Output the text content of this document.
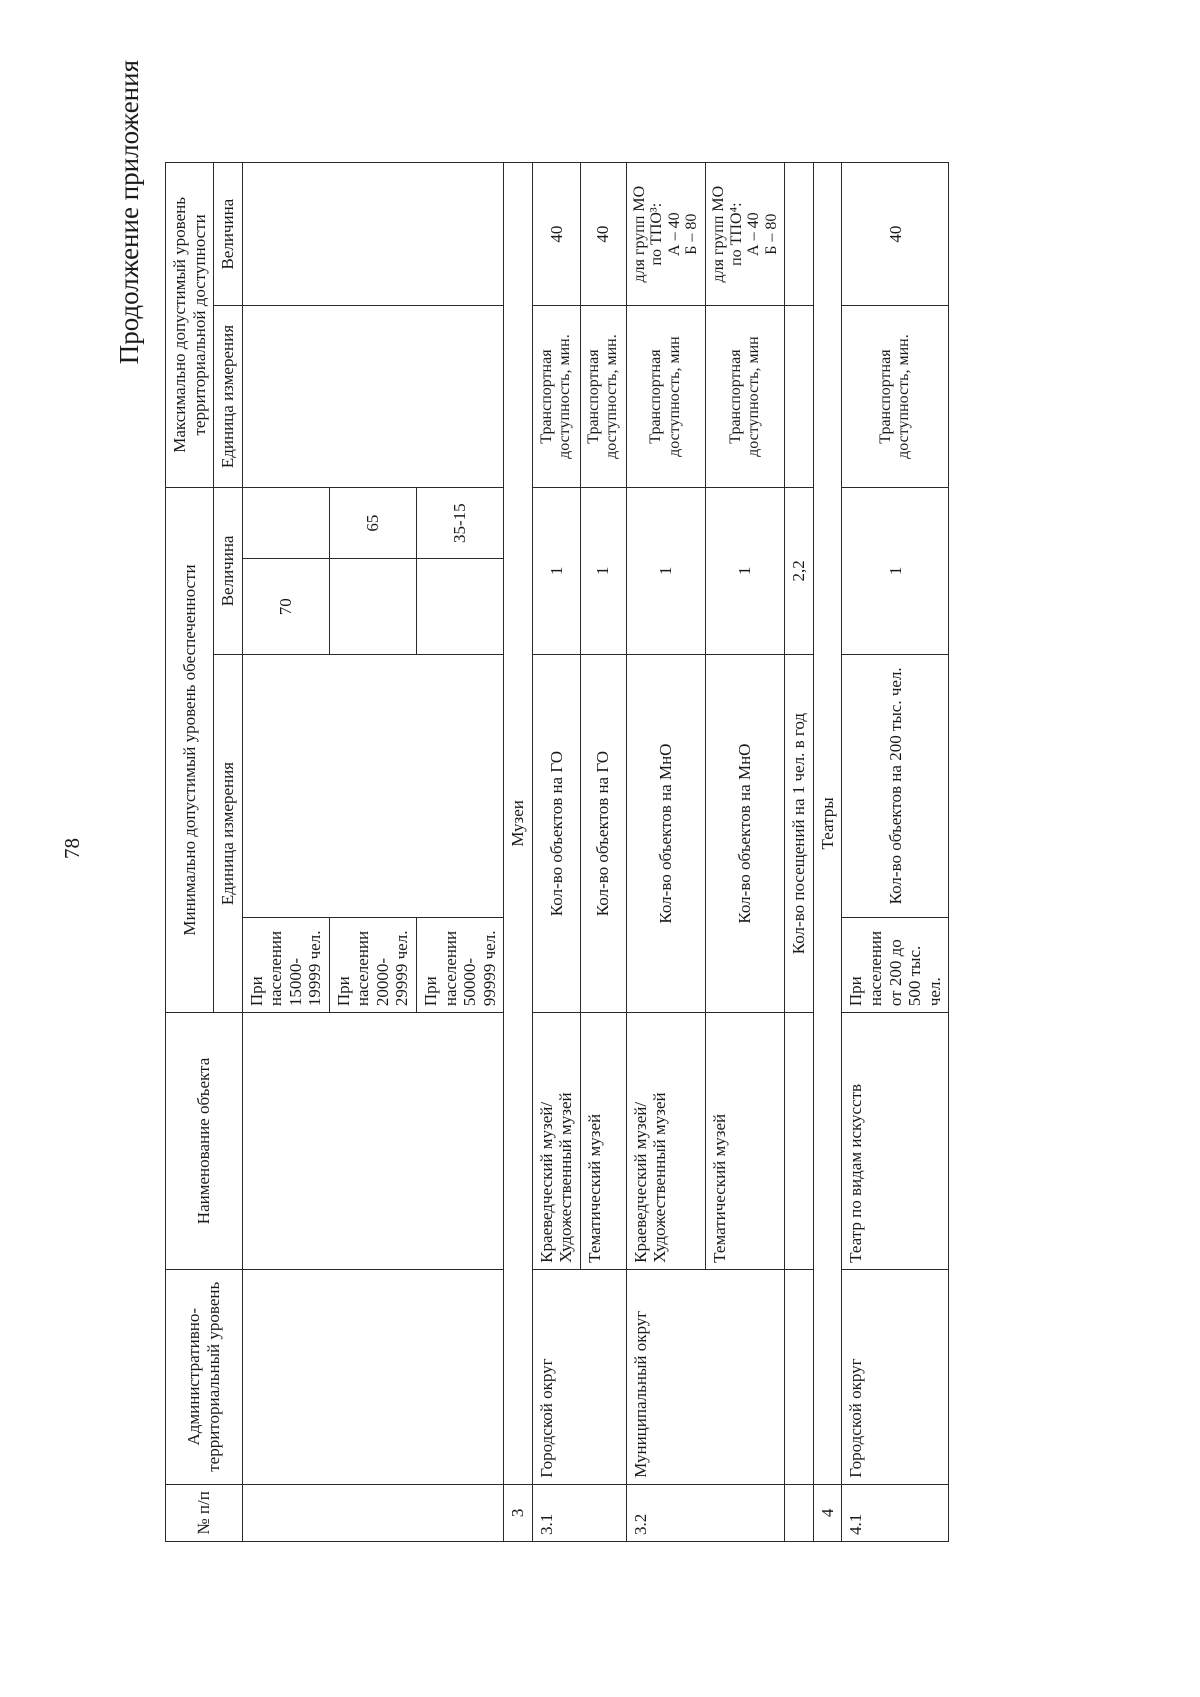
78
Продолжение приложения
№ п/п	Административно-территориальный уровень	Наименование объекта	Минимально допустимый уровень обеспеченности				Максимально допустимый уровень территориальной доступности	
			Единица измерения		Величина		Единица измерения	Величина
			При населении 15000-19999 чел.		70			
			При населении 20000-29999 чел.			65		
			При населении 50000-99999 чел.			35-15		
3	Музеи							
3.1	Городской округ	Краеведческий музей/ Художественный музей	Кол-во объектов на ГО		1		Транспортная доступность, мин.	40
		Тематический музей	Кол-во объектов на ГО		1		Транспортная доступность, мин.	40
3.2	Муниципальный округ	Краеведческий музей/ Художественный музей	Кол-во объектов на МнО		1		Транспортная доступность, мин	для групп МО по ТПО³: А – 40 Б – 80

		Тематический музей	Кол-во объектов на МнО		1		Транспортная доступность, мин	для групп МО по ТПО⁴: А – 40 Б – 80

			Кол-во посещений на 1 чел. в год		2,2			
4	Театры							
4.1	Городской округ	Театр по видам искусств	При населении от 200 до 500 тыс. чел.	Кол-во объектов на 200 тыс. чел.	1		Транспортная доступность, мин.	40
